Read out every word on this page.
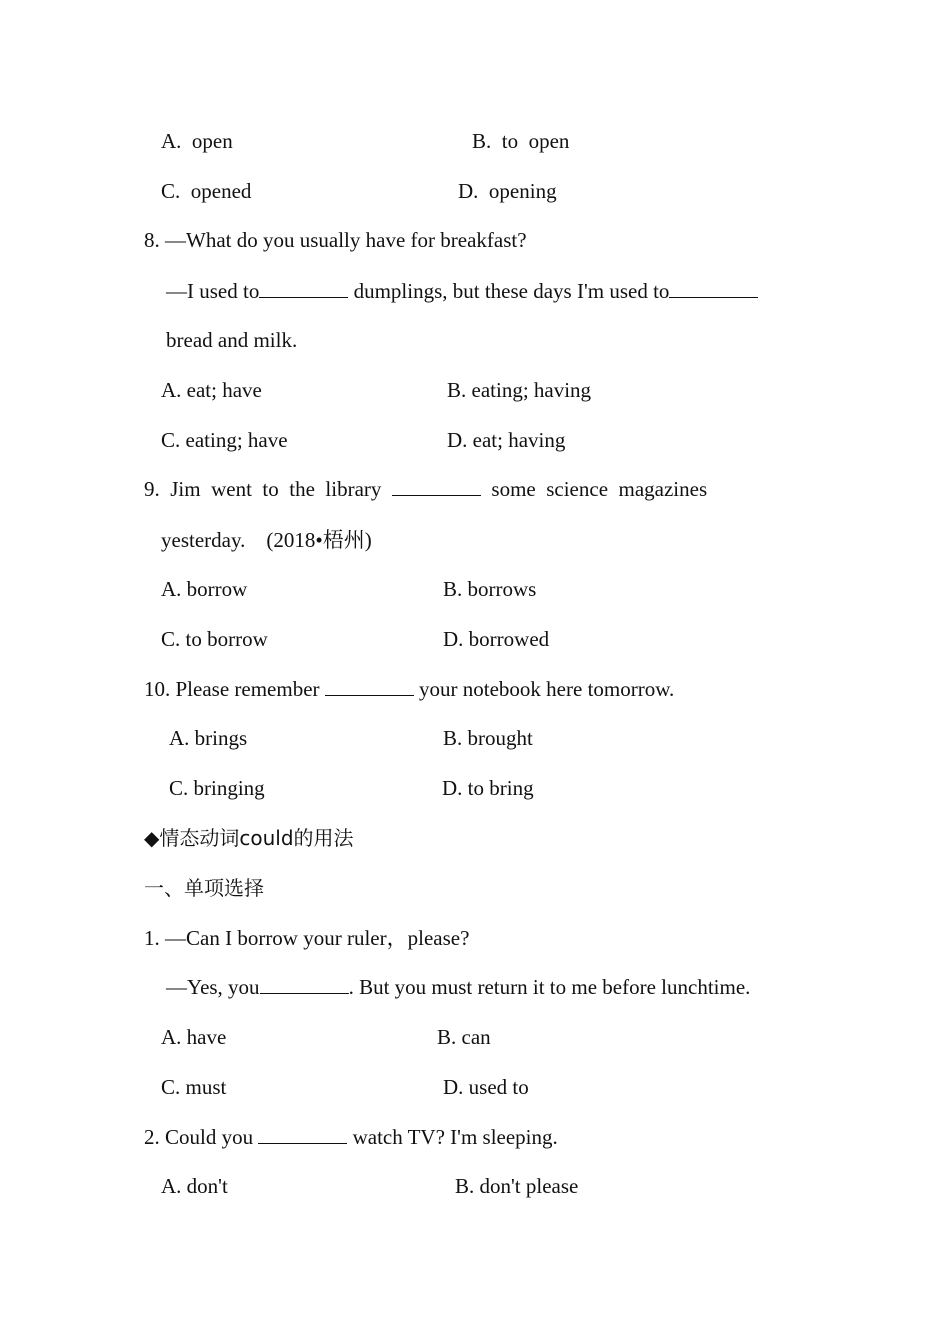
A.  open	B.  to  open
C.  opened	D.  opening
8. —What do you usually have for breakfast?
—I used to	dumplings, but these days I'm used to
bread and milk.
A. eat; have	B. eating; having
C. eating; have	D. eat; having
9.  Jim  went  to  the  library	some  science  magazines
yesterday.    (2018•梧州)
A. borrow	B. borrows
C. to borrow	D. borrowed
10. Please remember	your notebook here tomorrow.
A. brings	B. brought
C. bringing	D. to bring
◆情态动词could的用法
一、单项选择
1. —Can I borrow your ruler，please?
—Yes, you	. But you must return it to me before lunchtime.
A. have	B. can
C. must	D. used to
2. Could you	watch TV? I'm sleeping.
A. don't	B. don't please
